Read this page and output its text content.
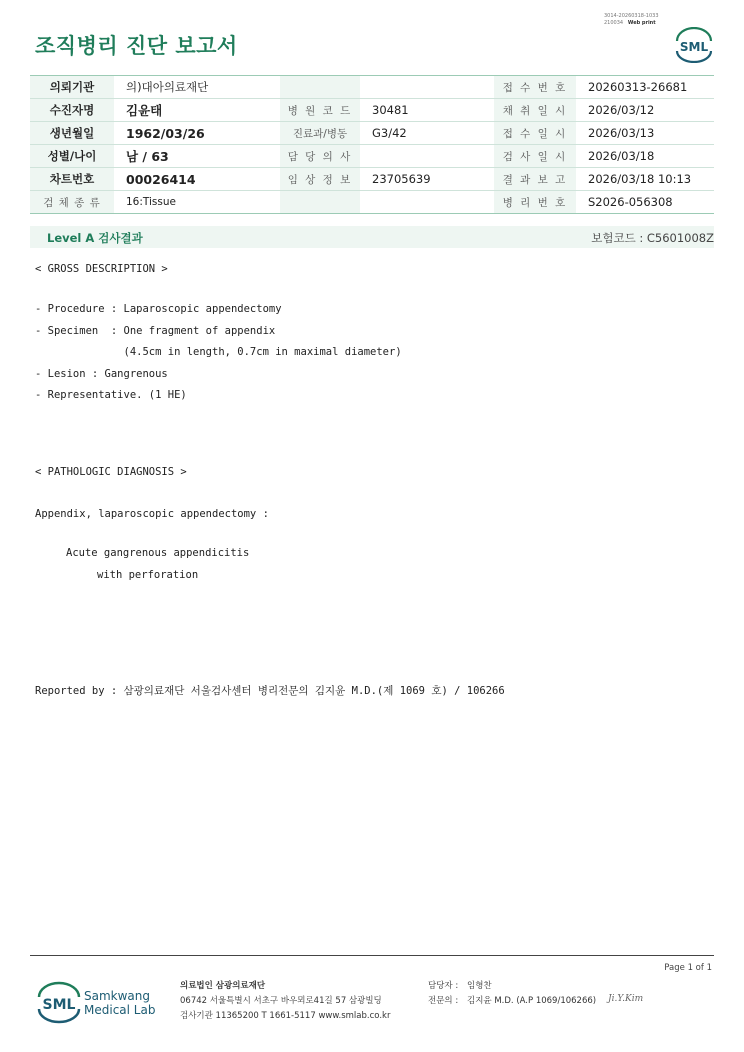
조직병리 진단 보고서
3014-20260318-1033
210034 Web print
SML
의뢰기관	의)대아의료재단			접 수 번 호	20260313-26681
수진자명	김윤태	병 원 코 드	30481	채 취 일 시	2026/03/12
생년월일	1962/03/26	진료과/병동	G3/42	접 수 일 시	2026/03/13
성별/나이	남 / 63	담 당 의 사		검 사 일 시	2026/03/18
차트번호	00026414	임 상 정 보	23705639	결 과 보 고	2026/03/18 10:13
검 체 종 류	16:Tissue			병 리 번 호	S2026-056308
Level A 검사결과	보험코드 : C5601008Z
< GROSS DESCRIPTION >
- Procedure : Laparoscopic appendectomy
- Specimen  : One fragment of appendix
(4.5cm in length, 0.7cm in maximal diameter)
- Lesion : Gangrenous
- Representative. (1 HE)
< PATHOLOGIC DIAGNOSIS >
Appendix, laparoscopic appendectomy :
Acute gangrenous appendicitis
with perforation
Reported by : 삼광의료재단 서울검사센터 병리전문의 김지윤 M.D.(제 1069 호) / 106266
Page 1 of 1
SML
Samkwang
Medical Lab
의료법인 삼광의료재단
06742 서울특별시 서초구 바우뫼로41길 57 삼광빌딩
검사기관 11365200 T 1661-5117 www.smlab.co.kr
담당자 : 임형찬
전문의 : 김지윤 M.D. (A.P 1069/106266) Ji.Y.Kim
